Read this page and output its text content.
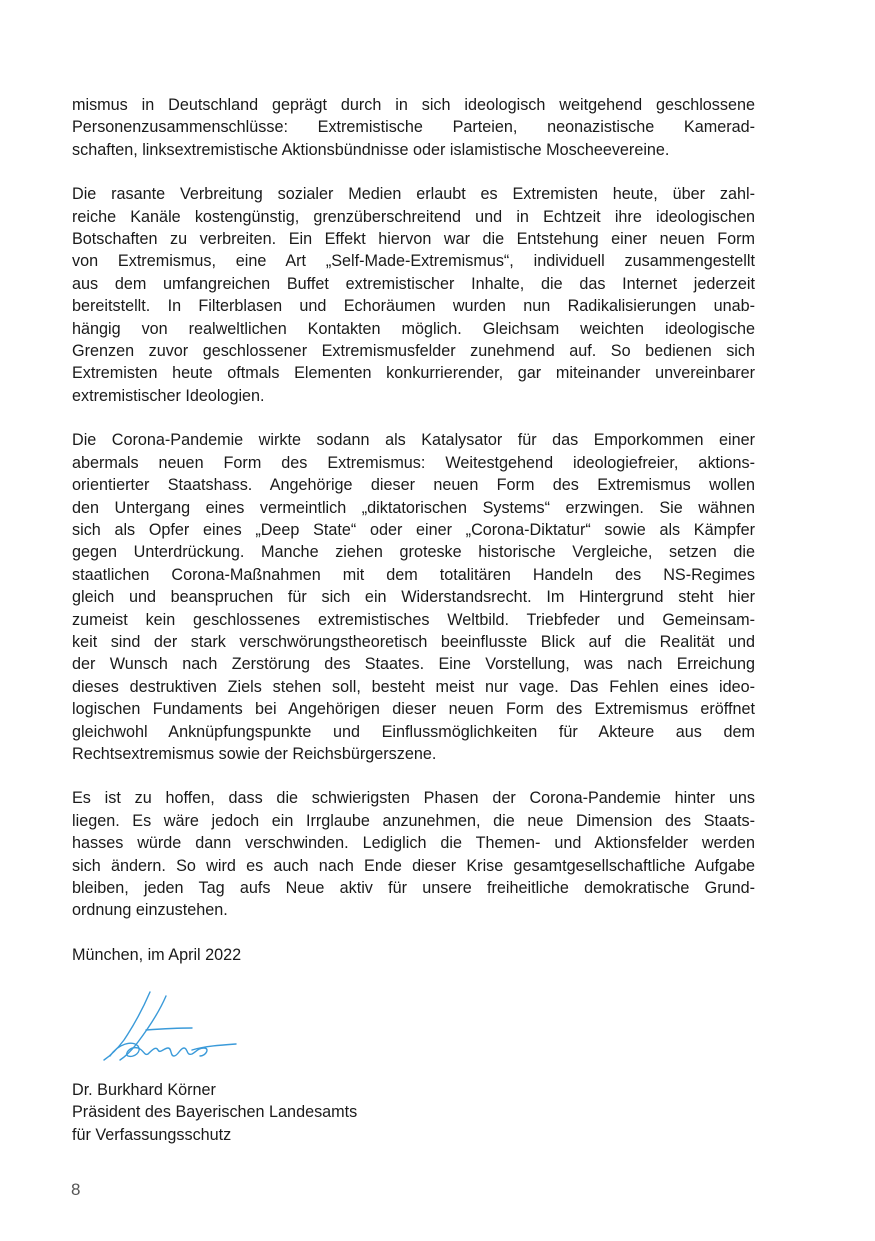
mismus in Deutschland geprägt durch in sich ideologisch weitgehend geschlossene
Personenzusammenschlüsse: Extremistische Parteien, neonazistische Kamerad-
schaften, linksextremistische Aktionsbündnisse oder islamistische Moscheevereine.

Die rasante Verbreitung sozialer Medien erlaubt es Extremisten heute, über zahl-
reiche Kanäle kostengünstig, grenzüberschreitend und in Echtzeit ihre ideologischen
Botschaften zu verbreiten. Ein Effekt hiervon war die Entstehung einer neuen Form
von Extremismus, eine Art „Self-Made-Extremismus“, individuell zusammengestellt
aus dem umfangreichen Buffet extremistischer Inhalte, die das Internet jederzeit
bereitstellt. In Filterblasen und Echoräumen wurden nun Radikalisierungen unab-
hängig von realweltlichen Kontakten möglich. Gleichsam weichten ideologische
Grenzen zuvor geschlossener Extremismusfelder zunehmend auf. So bedienen sich
Extremisten heute oftmals Elementen konkurrierender, gar miteinander unvereinbarer
extremistischer Ideologien.

Die Corona-Pandemie wirkte sodann als Katalysator für das Emporkommen einer
abermals neuen Form des Extremismus: Weitestgehend ideologiefreier, aktions-
orientierter Staatshass. Angehörige dieser neuen Form des Extremismus wollen
den Untergang eines vermeintlich „diktatorischen Systems“ erzwingen. Sie wähnen
sich als Opfer eines „Deep State“ oder einer „Corona-Diktatur“ sowie als Kämpfer
gegen Unterdrückung. Manche ziehen groteske historische Vergleiche, setzen die
staatlichen Corona-Maßnahmen mit dem totalitären Handeln des NS-Regimes
gleich und beanspruchen für sich ein Widerstandsrecht. Im Hintergrund steht hier
zumeist kein geschlossenes extremistisches Weltbild. Triebfeder und Gemeinsam-
keit sind der stark verschwörungstheoretisch beeinflusste Blick auf die Realität und
der Wunsch nach Zerstörung des Staates. Eine Vorstellung, was nach Erreichung
dieses destruktiven Ziels stehen soll, besteht meist nur vage. Das Fehlen eines ideo-
logischen Fundaments bei Angehörigen dieser neuen Form des Extremismus eröffnet
gleichwohl Anknüpfungspunkte und Einflussmöglichkeiten für Akteure aus dem
Rechtsextremismus sowie der Reichsbürgerszene.

Es ist zu hoffen, dass die schwierigsten Phasen der Corona-Pandemie hinter uns
liegen. Es wäre jedoch ein Irrglaube anzunehmen, die neue Dimension des Staats-
hasses würde dann verschwinden. Lediglich die Themen- und Aktionsfelder werden
sich ändern. So wird es auch nach Ende dieser Krise gesamtgesellschaftliche Aufgabe
bleiben, jeden Tag aufs Neue aktiv für unsere freiheitliche demokratische Grund-
ordnung einzustehen.

München, im April 2022

Dr. Burkhard Körner
Präsident des Bayerischen Landesamts
für Verfassungsschutz
8
